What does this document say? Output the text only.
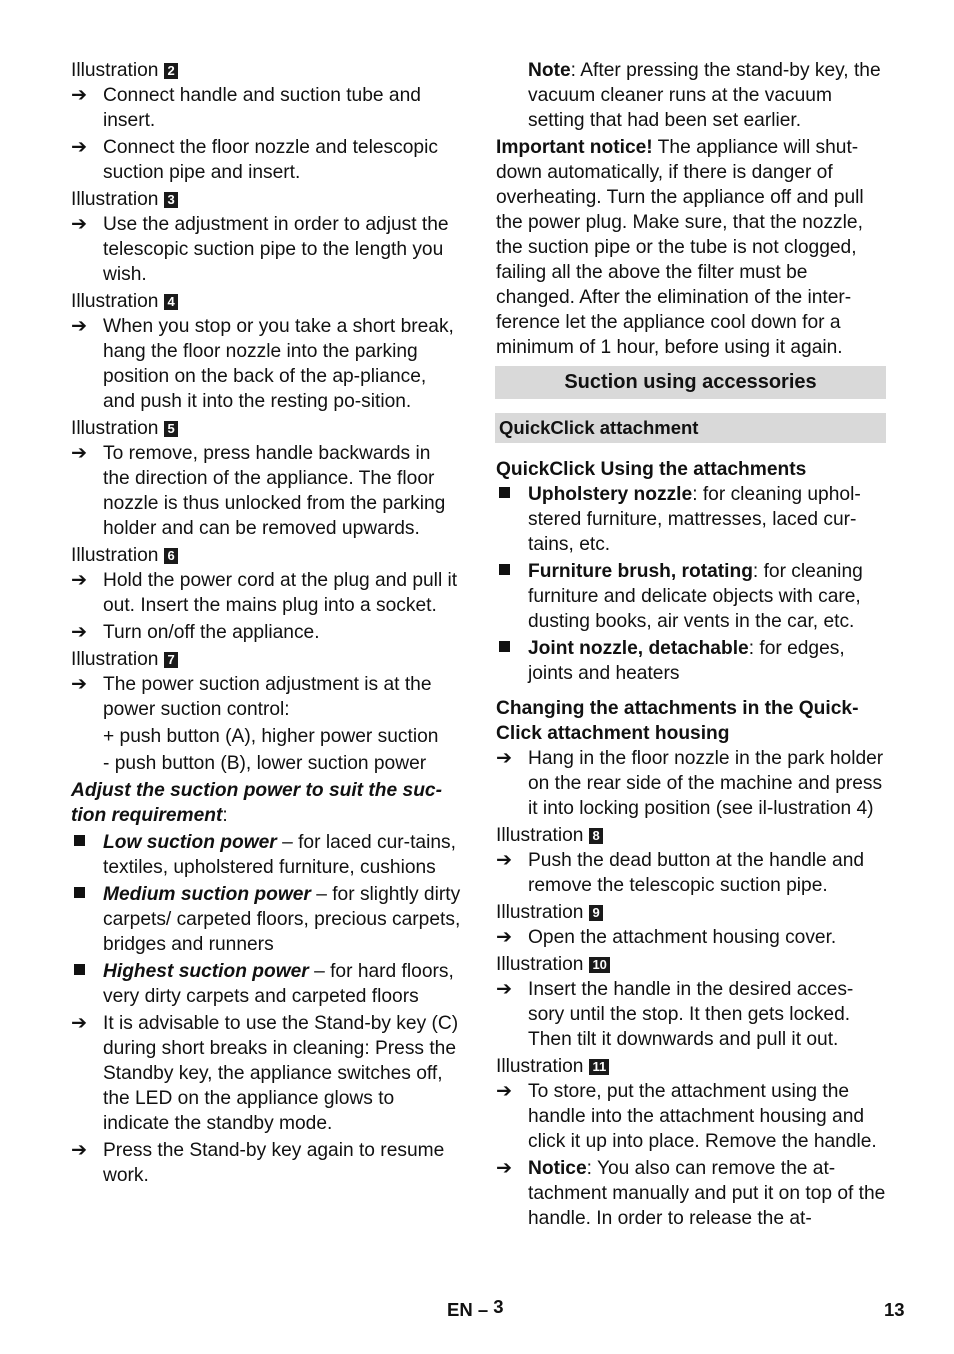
Illustration 2
➔ Connect handle and suction tube and insert.
➔ Connect the floor nozzle and telescopic suction pipe and insert.
Illustration 3
➔ Use the adjustment in order to adjust the telescopic suction pipe to the length you wish.
Illustration 4
➔ When you stop or you take a short break, hang the floor nozzle into the parking position on the back of the ap-pliance, and push it into the resting po-sition.
Illustration 5
➔ To remove, press handle backwards in the direction of the appliance. The floor nozzle is thus unlocked from the parking holder and can be removed upwards.
Illustration 6
➔ Hold the power cord at the plug and pull it out. Insert the mains plug into a socket.
➔ Turn on/off the appliance.
Illustration 7
➔ The power suction adjustment is at the power suction control:
+ push button (A), higher power suction
- push button (B), lower suction power

Adjust the suction power to suit the suc-tion requirement:

Low suction power – for laced cur-tains, textiles, upholstered furniture, cushions
Medium suction power – for slightly dirty carpets/ carpeted floors, precious carpets, bridges and runners
Highest suction power – for hard floors, very dirty carpets and carpeted floors
➔ It is advisable to use the Stand-by key (C) during short breaks in cleaning: Press the Standby key, the appliance switches off, the LED on the appliance glows to indicate the standby mode.
➔ Press the Stand-by key again to resume work.
Note: After pressing the stand-by key, the vacuum cleaner runs at the vacuum setting that had been set earlier.

Important notice! The appliance will shut-down automatically, if there is danger of overheating. Turn the appliance off and pull the power plug. Make sure, that the nozzle, the suction pipe or the tube is not clogged, failing all the above the filter must be changed. After the elimination of the inter-ference let the appliance cool down for a minimum of 1 hour, before using it again.

Suction using accessories
QuickClick attachment
QuickClick Using the attachments
Upholstery nozzle: for cleaning uphol-stered furniture, mattresses, laced cur-tains, etc.
Furniture brush, rotating: for cleaning furniture and delicate objects with care, dusting books, air vents in the car, etc.
Joint nozzle, detachable: for edges, joints and heaters
Changing the attachments in the Quick-Click attachment housing
➔ Hang in the floor nozzle in the park holder on the rear side of the machine and press it into locking position (see il-lustration 4)
Illustration 8
➔ Push the dead button at the handle and remove the telescopic suction pipe.
Illustration 9
➔ Open the attachment housing cover.
Illustration 10
➔ Insert the handle in the desired acces-sory until the stop. It then gets locked. Then tilt it downwards and pull it out.
Illustration 11
➔ To store, put the attachment using the handle into the attachment housing and click it up into place. Remove the handle.
➔ Notice: You also can remove the at-tachment manually and put it on top of the handle. In order to release the at-
EN – 3	13
